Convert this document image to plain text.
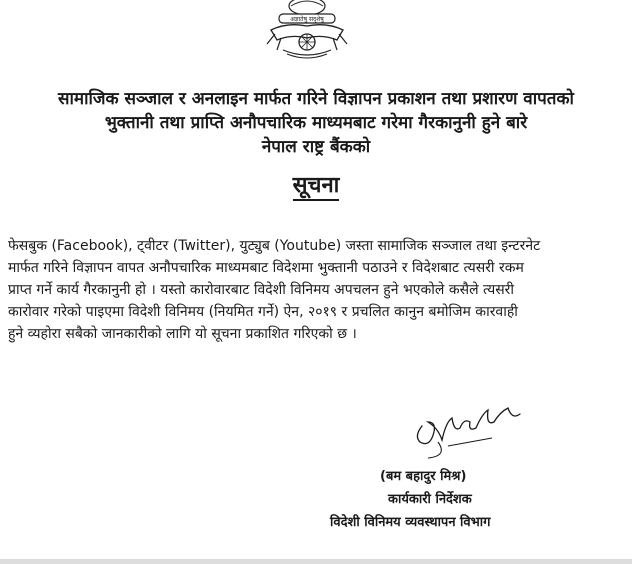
अज्ञातेषु सदृशेषु
सामाजिक सञ्जाल र अनलाइन मार्फत गरिने विज्ञापन प्रकाशन तथा प्रशारण वापतको
भुक्तानी तथा प्राप्ति अनौपचारिक माध्यमबाट गरेमा गैरकानुनी हुने बारे
नेपाल राष्ट्र बैंकको
सूचना

फेसबुक (Facebook), ट्वीटर (Twitter), युट्युब (Youtube) जस्ता सामाजिक सञ्जाल तथा इन्टरनेट

मार्फत गरिने विज्ञापन वापत अनौपचारिक माध्यमबाट विदेशमा भुक्तानी पठाउने र विदेशबाट त्यसरी रकम

प्राप्त गर्ने कार्य गैरकानुनी हो । यस्तो कारोवारबाट विदेशी विनिमय अपचलन हुने भएकोले कसैले त्यसरी

कारोवार गरेको पाइएमा विदेशी विनिमय (नियमित गर्ने) ऐन, २०१९ र प्रचलित कानुन बमोजिम कारवाही

हुने व्यहोरा सबैको जानकारीको लागि यो सूचना प्रकाशित गरिएको छ ।

(बम बहादुर मिश्र)
कार्यकारी निर्देशक
विदेशी विनिमय व्यवस्थापन विभाग
